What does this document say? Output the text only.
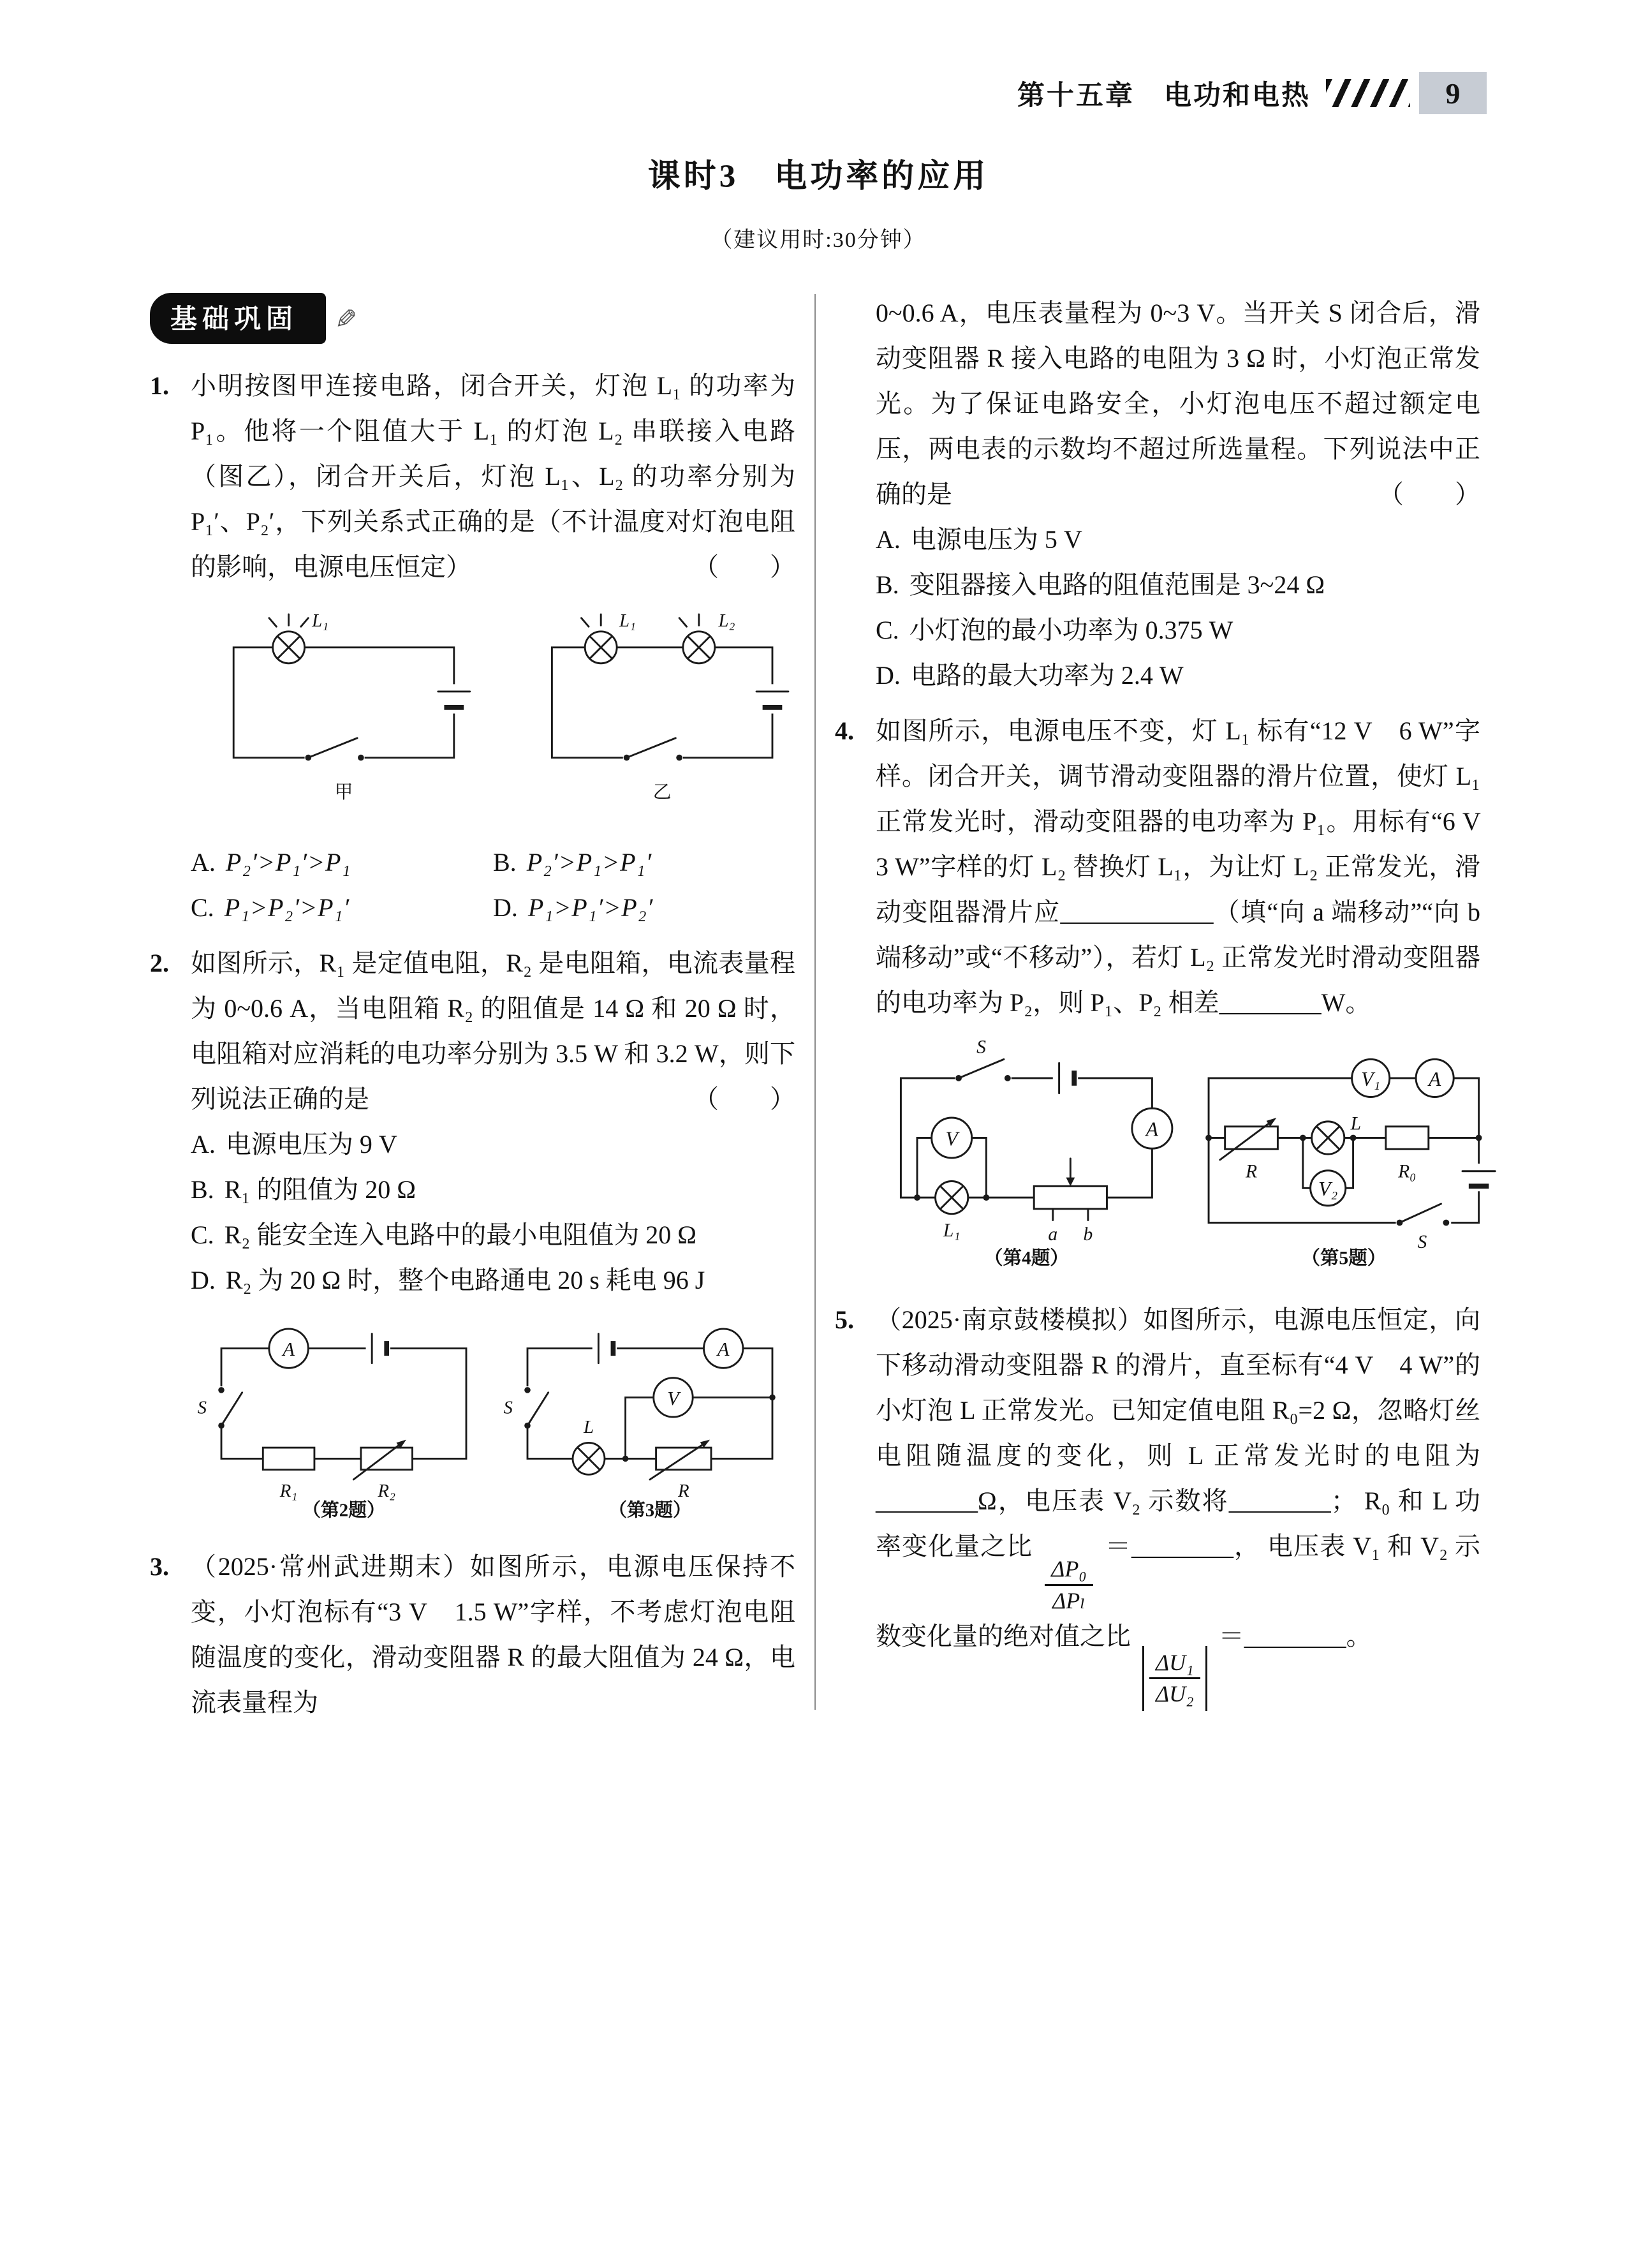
第十五章　电功和电热	9
课时3　电功率的应用
（建议用时:30分钟）
基础巩固	✎
1. 小明按图甲连接电路，闭合开关，灯泡 L₁ 的功率为 P₁。他将一个阻值大于 L₁ 的灯泡 L₂ 串联接入电路（图乙），闭合开关后，灯泡 L₁、L₂ 的功率分别为 P₁′、P₂′，下列关系式正确的是（不计温度对灯泡电阻的影响，电源电压恒定）	（　　）
L₁
甲
L₁	L₂
乙
A. P₂′>P₁′>P₁	B. P₂′>P₁>P₁′
C. P₁>P₂′>P₁′	D. P₁>P₁′>P₂′
2. 如图所示，R₁ 是定值电阻，R₂ 是电阻箱，电流表量程为 0~0.6 A，当电阻箱 R₂ 的阻值是 14 Ω 和 20 Ω 时，电阻箱对应消耗的电功率分别为 3.5 W 和 3.2 W，则下列说法正确的是	（　　）
A. 电源电压为 9 V
B. R₁ 的阻值为 20 Ω
C. R₂ 能安全连入电路中的最小电阻值为 20 Ω
D. R₂ 为 20 Ω 时，整个电路通电 20 s 耗电 96 J
A
S
R₁	R₂
（第2题）
A
S
L
V
R
（第3题）
3. （2025·常州武进期末）如图所示，电源电压保持不变，小灯泡标有“3 V　1.5 W”字样，不考虑灯泡电阻随温度的变化，滑动变阻器 R 的最大阻值为 24 Ω，电流表量程为
0~0.6 A，电压表量程为 0~3 V。当开关 S 闭合后，滑动变阻器 R 接入电路的电阻为 3 Ω 时，小灯泡正常发光。为了保证电路安全，小灯泡电压不超过额定电压，两电表的示数均不超过所选量程。下列说法中正确的是	（　　）
A. 电源电压为 5 V
B. 变阻器接入电路的阻值范围是 3~24 Ω
C. 小灯泡的最小功率为 0.375 W
D. 电路的最大功率为 2.4 W
4. 如图所示，电源电压不变，灯 L₁ 标有“12 V　6 W”字样。闭合开关，调节滑动变阻器的滑片位置，使灯 L₁ 正常发光时，滑动变阻器的电功率为 P₁。用标有“6 V　3 W”字样的灯 L₂ 替换灯 L₁，为让灯 L₂ 正常发光，滑动变阻器滑片应____________（填“向 a 端移动”“向 b 端移动”或“不移动”），若灯 L₂ 正常发光时滑动变阻器的电功率为 P₂，则 P₁、P₂ 相差________W。
S
A
V
L₁	a b
（第4题）
V₁ A
R
L
R₀
V₂
S
（第5题）
5. （2025·南京鼓楼模拟）如图所示，电源电压恒定，向下移动滑动变阻器 R 的滑片，直至标有“4 V　4 W”的小灯泡 L 正常发光。已知定值电阻 R₀=2 Ω，忽略灯丝电阻随温度的变化，则 L 正常发光时的电阻为________Ω，电压表 V₂ 示数将________； R₀ 和 L 功率变化量之比
$\frac{\text{ΔP₀}}{\text{ΔPₗ}}$
＝________， 电压表 V₁ 和 V₂ 示数变化量的绝对值之比
$\frac{\text{ΔU₁}}{\text{ΔU₂}}$
＝________。
